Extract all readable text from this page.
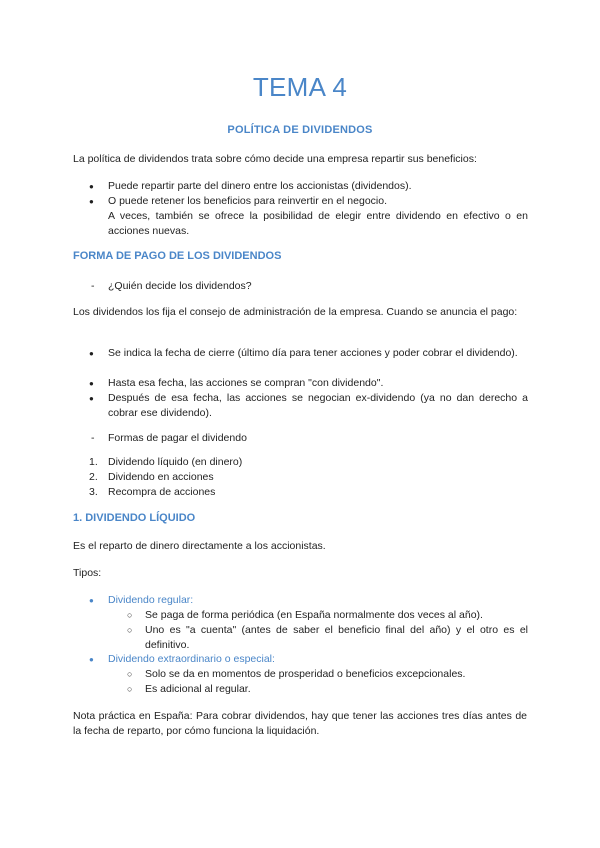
TEMA 4
POLÍTICA DE DIVIDENDOS
La política de dividendos trata sobre cómo decide una empresa repartir sus beneficios:
● Puede repartir parte del dinero entre los accionistas (dividendos).
● O puede retener los beneficios para reinvertir en el negocio.
A veces, también se ofrece la posibilidad de elegir entre dividendo en efectivo o en acciones nuevas.
FORMA DE PAGO DE LOS DIVIDENDOS
- ¿Quién decide los dividendos?
Los dividendos los fija el consejo de administración de la empresa. Cuando se anuncia el pago:
● Se indica la fecha de cierre (último día para tener acciones y poder cobrar el dividendo).
● Hasta esa fecha, las acciones se compran "con dividendo".
● Después de esa fecha, las acciones se negocian ex-dividendo (ya no dan derecho a cobrar ese dividendo).
- Formas de pagar el dividendo
1. Dividendo líquido (en dinero)
2. Dividendo en acciones
3. Recompra de acciones
1. DIVIDENDO LÍQUIDO
Es el reparto de dinero directamente a los accionistas.
Tipos:
● Dividendo regular:
○ Se paga de forma periódica (en España normalmente dos veces al año).
○ Uno es "a cuenta" (antes de saber el beneficio final del año) y el otro es el definitivo.
● Dividendo extraordinario o especial:
○ Solo se da en momentos de prosperidad o beneficios excepcionales.
○ Es adicional al regular.
Nota práctica en España: Para cobrar dividendos, hay que tener las acciones tres días antes de la fecha de reparto, por cómo funciona la liquidación.
